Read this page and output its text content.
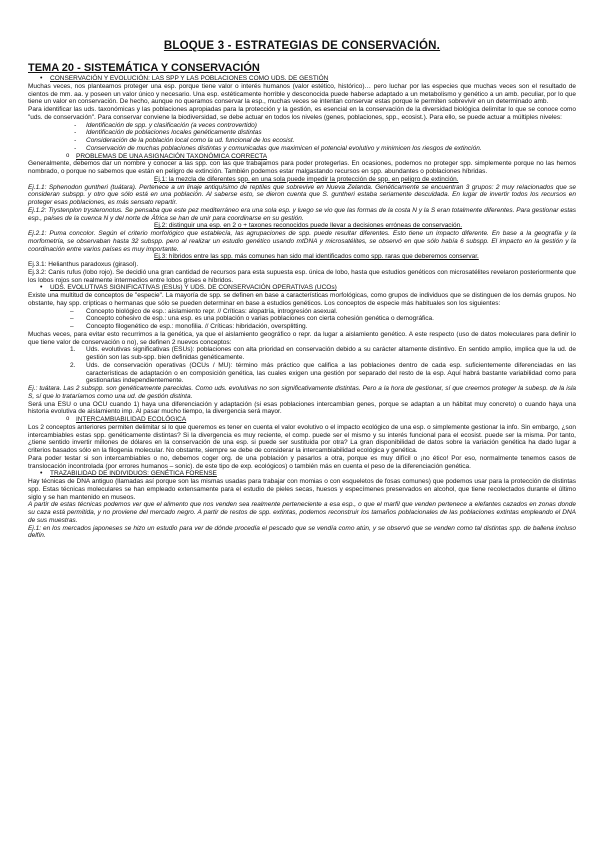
BLOQUE 3 - ESTRATEGIAS DE CONSERVACIÓN.
TEMA 20 - SISTEMÁTICA Y CONSERVACIÓN
• CONSERVACIÓN Y EVOLUCIÓN: LAS SPP Y LAS POBLACIONES COMO UDS. DE GESTIÓN

Muchas veces, nos planteamos proteger una esp. porque tiene valor o interés humanos (valor estético, histórico)… pero luchar por las especies que muchas veces son el resultado de cientos de mm. aa. y poseen un valor único y necesario. Una esp. estéticamente horrible y desconocida puede haberse adaptado a un metabolismo y genético a un amb. peculiar, por lo que tiene un valor en conservación. De hecho, aunque no queramos conservar la esp., muchas veces se intentan conservar estas porque le permiten sobrevivir en un determinado amb.

Para identificar las uds. taxonómicas y las poblaciones apropiadas para la protección y la gestión, es esencial en la conservación de la diversidad biológica delimitar lo que se conoce como "uds. de conservación". Para conservar conviene la biodiversidad, se debe actuar en todos los niveles (genes, poblaciones, spp., ecosist.). Para ello, se puede actuar a múltiples niveles:

- Identificación de spp. y clasificación (a veces controvertido)
- Identificación de poblaciones locales genéticamente distintas
- Consideración de la población local como la ud. funcional de los ecosist.
- Conservación de muchas poblaciones distintas y comunicadas que maximicen el potencial evolutivo y minimicen los riesgos de extinción.
o PROBLEMAS DE UNA ASIGNACIÓN TAXONÓMICA CORRECTA

Generalmente, debemos dar un nombre y conocer a las spp. con las que trabajamos para poder protegerlas. En ocasiones, podemos no proteger spp. simplemente porque no las hemos nombrado, o porque no sabemos que están en peligro de extinción. También podemos estar malgastando recursos en spp. abundantes o poblaciones híbridas.

Ej.1: la mezcla de diferentes spp. en una sola puede impedir la protección de spp. en peligro de extinción.

Ej.1.1: Sphenodon guntheri (tuátara). Pertenece a un linaje antiquísimo de reptiles que sobrevive en Nueva Zelanda. Genéticamente se encuentran 3 grupos: 2 muy relacionados que se consideran subspp. y otro que sólo está en una población. Al saberse esto, se dieron cuenta que S. guntheri estaba seriamente descuidada. En lugar de invertir todos los recursos en proteger esas poblaciones, es más sensato repartir.

Ej.1.2: Trystenplon trysteronotus. Se pensaba que este pez mediterráneo era una sola esp. y luego se vio que las formas de la costa N y la S eran totalmente diferentes. Para gestionar estas esp., países de la cuenca N y del norte de África se han de unir para coordinarse en su gestión.

Ej.2: distinguir una esp. en 2 o + taxones reconocidos puede llevar a decisiones erróneas de conservación.

Ej.2.1: Puma concolor. Según el criterio morfológico que establecía, las agrupaciones de spp. puede resultar diferentes. Esto tiene un impacto diferente. En base a la geografía y la morfometría, se observaban hasta 32 subspp. pero al realizar un estudio genético usando mtDNA y microsatélites, se observó en que sólo había 6 subspp. El impacto en la gestión y la coordinación entre varios países es muy importante.

Ej.3: híbridos entre las spp. más comunes han sido mal identificados como spp. raras que deberemos conservar.

Ej.3.1: Helianthus paradoxus (girasol).

Ej.3.2: Canis rufus (lobo rojo). Se decidió una gran cantidad de recursos para esta supuesta esp. única de lobo, hasta que estudios genéticos con microsatélites revelaron posteriormente que los lobos rojos son realmente intermedios entre lobos grises e híbridos.

• UDS. EVOLUTIVAS SIGNIFICATIVAS (ESUs) Y UDS. DE CONSERVACIÓN OPERATIVAS (UCOs)

Existe una multitud de conceptos de "especie". La mayoría de spp. se definen en base a características morfológicas, como grupos de individuos que se distinguen de los demás grupos. No obstante, hay spp. crípticas o hermanas que sólo se pueden determinar en base a estudios genéticos. Los conceptos de especie más habituales son los siguientes:

– Concepto biológico de esp.: aislamiento repr. // Críticas: alopatría, introgresión asexual.
– Concepto cohesivo de esp.: una esp. es una población o varias poblaciones con cierta cohesión genética o demográfica.
– Concepto filogenético de esp.: monofilia. // Críticas: hibridación, oversplitting.

Muchas veces, para evitar esto recurrimos a la genética, ya que el aislamiento geográfico o repr. da lugar a aislamiento genético. A este respecto (uso de datos moleculares para definir lo que tiene valor de conservación o no), se definen 2 nuevos conceptos:

1. Uds. evolutivas significativas (ESUs): poblaciones con alta prioridad en conservación debido a su carácter altamente distintivo. En sentido amplio, implica que la ud. de gestión son las sub-spp. bien definidas genéticamente.
2. Uds. de conservación operativas (OCUs / MU): término más práctico que califica a las poblaciones dentro de cada esp. suficientemente diferenciadas en las características de adaptación o en composición genética, las cuales exigen una gestión por separado del resto de la esp. Aquí habrá bastante variabilidad como para gestionarlas independientemente.

Ej.: tuátara. Las 2 subspp. son genéticamente parecidas. Como uds. evolutivas no son significativamente distintas. Pero a la hora de gestionar, sí que creemos proteger la subesp. de la isla S, sí que lo trataríamos como una ud. de gestión distinta.

Será una ESU o una OCU cuando 1) haya una diferenciación y adaptación (si esas poblaciones intercambian genes, porque se adaptan a un hábitat muy concreto) o cuando haya una historia evolutiva de aislamiento imp. Al pasar mucho tiempo, la divergencia será mayor.

o INTERCAMBIABILIDAD ECOLÓGICA

Los 2 conceptos anteriores permiten delimitar si lo que queremos es tener en cuenta el valor evolutivo o el impacto ecológico de una esp. o simplemente gestionar la info. Sin embargo, ¿son intercambiables estas spp. genéticamente distintas? Si la divergencia es muy reciente, el comp. puede ser el mismo y su interés funcional para el ecosist. puede ser la misma. Por tanto, ¿tiene sentido invertir millones de dólares en la conservación de una esp. si puede ser sustituida por otra? La gran disponibilidad de datos sobre la variación genética ha dado lugar a criterios basados sólo en la filogenia molecular. No obstante, siempre se debe de considerar la intercambiabilidad ecológica y genética.

Para poder testar si son intercambiables o no, debemos coger org. de una población y pasarlos a otra, porque es muy difícil o ¡no ético! Por eso, normalmente tenemos casos de translocación incontrolada (por errores humanos – sonic). de este tipo de exp. ecológicos) o también más en cuenta el peso de la diferenciación genética.

• TRAZABILIDAD DE INDIVIDUOS: GENÉTICA FORENSE

Hay técnicas de DNA antiguo (llamadas así porque son las mismas usadas para trabajar con momias o con esqueletos de fosas comunes) que podemos usar para la protección de distintas spp. Estas técnicas moleculares se han empleado extensamente para el estudio de pieles secas, huesos y especímenes preservados en alcohol, que tiene recolectados durante el último siglo y se han mantenido en museos.

A partir de estas técnicas podemos ver que el alimento que nos venden sea realmente perteneciente a esa esp., o que el marfil que venden pertenece a elefantes cazados en zonas donde su caza está permitida, y no proviene del mercado negro. A partir de restos de spp. extintas, podemos reconstruir los tamaños poblacionales de las poblaciones extintas empleando el DNA de sus muestras.

Ej.1: en los mercados japoneses se hizo un estudio para ver de dónde procedía el pescado que se vendía como atún, y se observó que se venden como tal distintas spp. de ballena incluso delfín.
